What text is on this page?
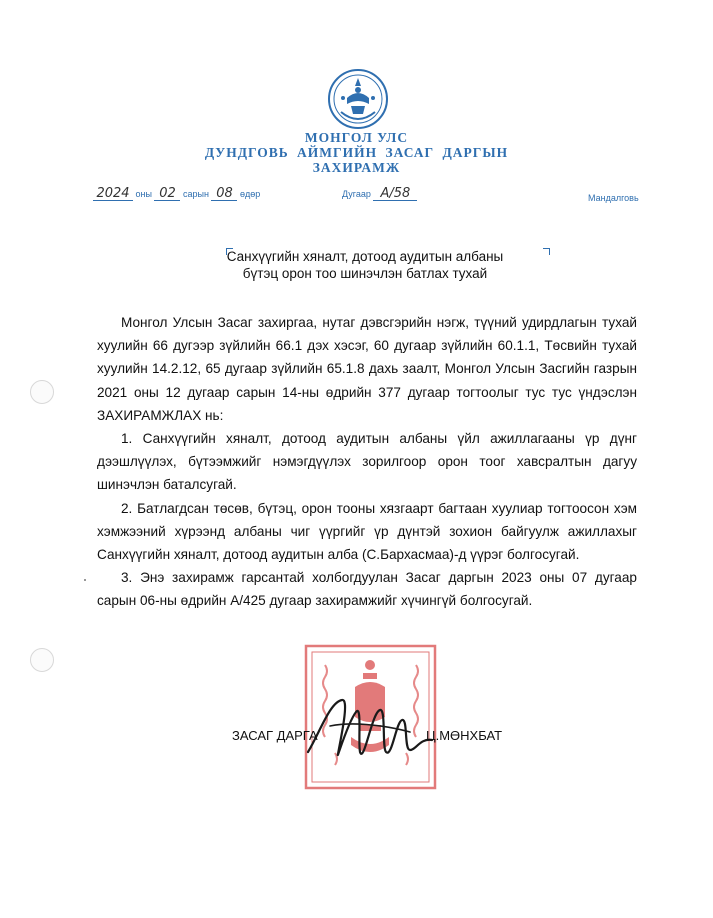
МОНГОЛ УЛС
ДУНДГОВЬ АЙМГИЙН ЗАСАГ ДАРГЫН
ЗАХИРАМЖ
2024 оны 02 сарын 08 өдөр	Дугаар A/58	Мандалговь
Санхүүгийн хяналт, дотоод аудитын албаны
бүтэц орон тоо шинэчлэн батлах тухай

Монгол Улсын Засаг захиргаа, нутаг дэвсгэрийн нэгж, түүний удирдлагын тухай хуулийн 66 дугээр зүйлийн 66.1 дэх хэсэг, 60 дугаар зүйлийн 60.1.1, Төсвийн тухай хуулийн 14.2.12, 65 дугаар зүйлийн 65.1.8 дахь заалт, Монгол Улсын Засгийн газрын 2021 оны 12 дугаар сарын 14-ны өдрийн 377 дугаар тогтоолыг тус тус үндэслэн ЗАХИРАМЖЛАХ нь:

1. Санхүүгийн хяналт, дотоод аудитын албаны үйл ажиллагааны үр дүнг дээшлүүлэх, бүтээмжийг нэмэгдүүлэх зорилгоор орон тоог хавсралтын дагуу шинэчлэн баталсугай.

2. Батлагдсан төсөв, бүтэц, орон тооны хязгаарт багтаан хуулиар тогтоосон хэм хэмжээний хүрээнд албаны чиг үүргийг үр дүнтэй зохион байгуулж ажиллахыг Санхүүгийн хяналт, дотоод аудитын алба (С.Бархасмаа)-д үүрэг болгосугай.

3. Энэ захирамж гарсантай холбогдуулан Засаг даргын 2023 оны 07 дугаар сарын 06-ны өдрийн А/425 дугаар захирамжийг хүчингүй болгосугай.

ЗАСАГ ДАРГА	Ц.МӨНХБАТ
